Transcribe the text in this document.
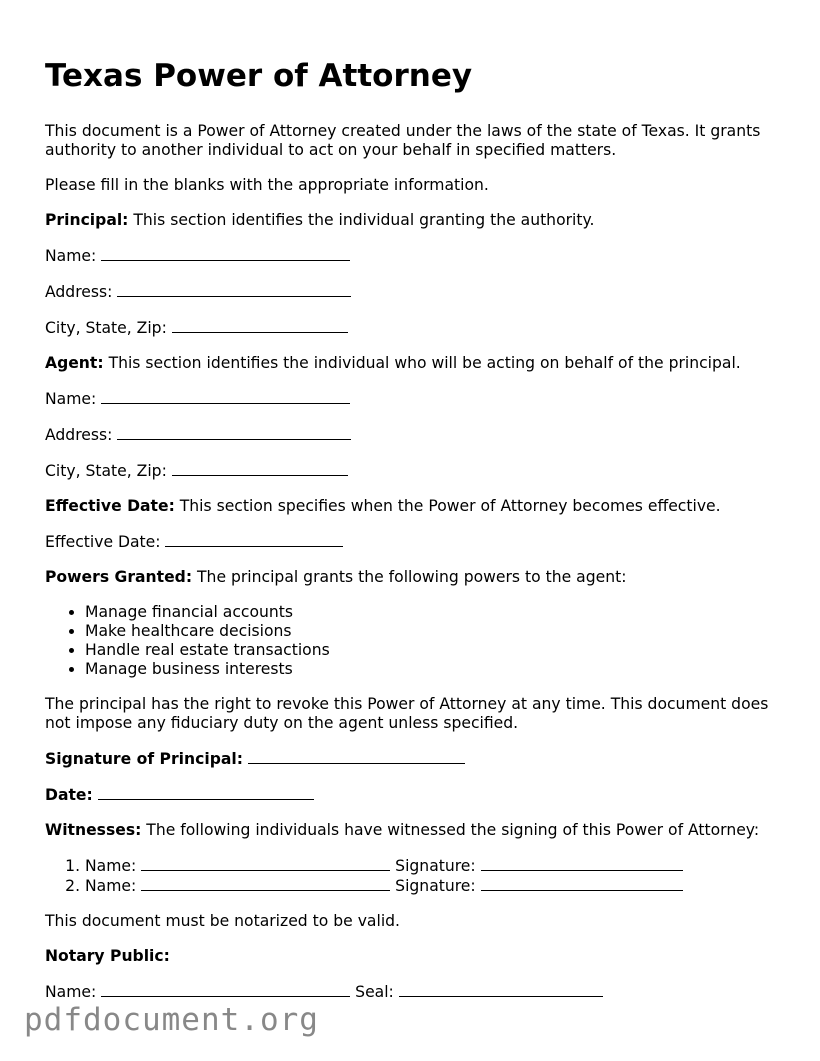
Texas Power of Attorney

This document is a Power of Attorney created under the laws of the state of Texas. It grants authority to another individual to act on your behalf in specified matters.

Please fill in the blanks with the appropriate information.

Principal: This section identifies the individual granting the authority.

Name:
Address:
City, State, Zip:

Agent: This section identifies the individual who will be acting on behalf of the principal.

Name:
Address:
City, State, Zip:

Effective Date: This section specifies when the Power of Attorney becomes effective.

Effective Date:

Powers Granted: The principal grants the following powers to the agent:

• Manage financial accounts
• Make healthcare decisions
• Handle real estate transactions
• Manage business interests

The principal has the right to revoke this Power of Attorney at any time. This document does not impose any fiduciary duty on the agent unless specified.

Signature of Principal:
Date:

Witnesses: The following individuals have witnessed the signing of this Power of Attorney:

1. Name:	Signature:
2. Name:	Signature:

This document must be notarized to be valid.

Notary Public:

Name:	Seal:
pdfdocument.org
